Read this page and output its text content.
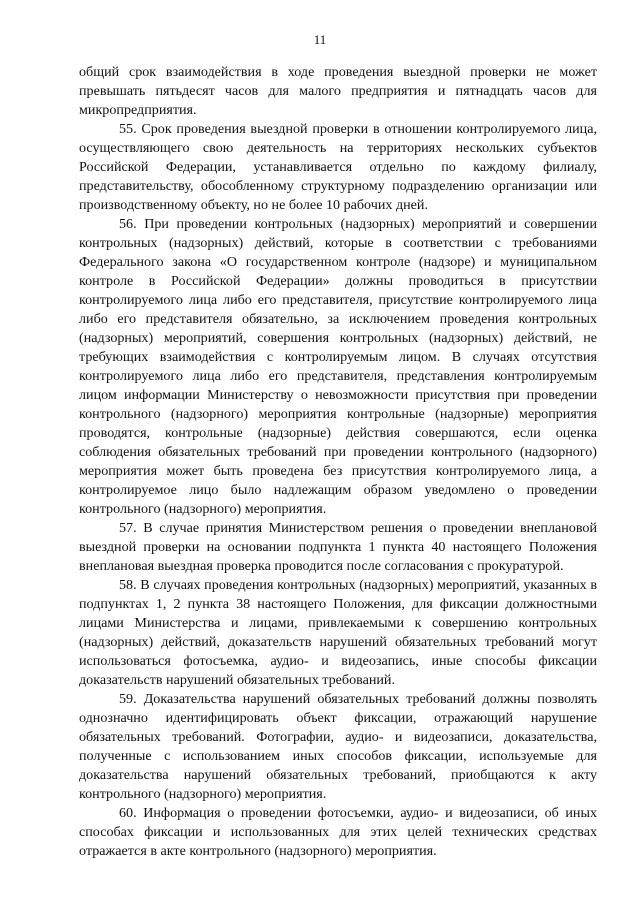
11

общий срок взаимодействия в ходе проведения выездной проверки не может превышать пятьдесят часов для малого предприятия и пятнадцать часов для микропредприятия.

55. Срок проведения выездной проверки в отношении контролируемого лица, осуществляющего свою деятельность на территориях нескольких субъектов Российской Федерации, устанавливается отдельно по каждому филиалу, представительству, обособленному структурному подразделению организации или производственному объекту, но не более 10 рабочих дней.

56. При проведении контрольных (надзорных) мероприятий и совершении контрольных (надзорных) действий, которые в соответствии с требованиями Федерального закона «О государственном контроле (надзоре) и муниципальном контроле в Российской Федерации» должны проводиться в присутствии контролируемого лица либо его представителя, присутствие контролируемого лица либо его представителя обязательно, за исключением проведения контрольных (надзорных) мероприятий, совершения контрольных (надзорных) действий, не требующих взаимодействия с контролируемым лицом. В случаях отсутствия контролируемого лица либо его представителя, представления контролируемым лицом информации Министерству о невозможности присутствия при проведении контрольного (надзорного) мероприятия контрольные (надзорные) мероприятия проводятся, контрольные (надзорные) действия совершаются, если оценка соблюдения обязательных требований при проведении контрольного (надзорного) мероприятия может быть проведена без присутствия контролируемого лица, а контролируемое лицо было надлежащим образом уведомлено о проведении контрольного (надзорного) мероприятия.

57. В случае принятия Министерством решения о проведении внеплановой выездной проверки на основании подпункта 1 пункта 40 настоящего Положения внеплановая выездная проверка проводится после согласования с прокуратурой.

58. В случаях проведения контрольных (надзорных) мероприятий, указанных в подпунктах 1, 2 пункта 38 настоящего Положения, для фиксации должностными лицами Министерства и лицами, привлекаемыми к совершению контрольных (надзорных) действий, доказательств нарушений обязательных требований могут использоваться фотосъемка, аудио- и видеозапись, иные способы фиксации доказательств нарушений обязательных требований.

59. Доказательства нарушений обязательных требований должны позволять однозначно идентифицировать объект фиксации, отражающий нарушение обязательных требований. Фотографии, аудио- и видеозаписи, доказательства, полученные с использованием иных способов фиксации, используемые для доказательства нарушений обязательных требований, приобщаются к акту контрольного (надзорного) мероприятия.

60. Информация о проведении фотосъемки, аудио- и видеозаписи, об иных способах фиксации и использованных для этих целей технических средствах отражается в акте контрольного (надзорного) мероприятия.
